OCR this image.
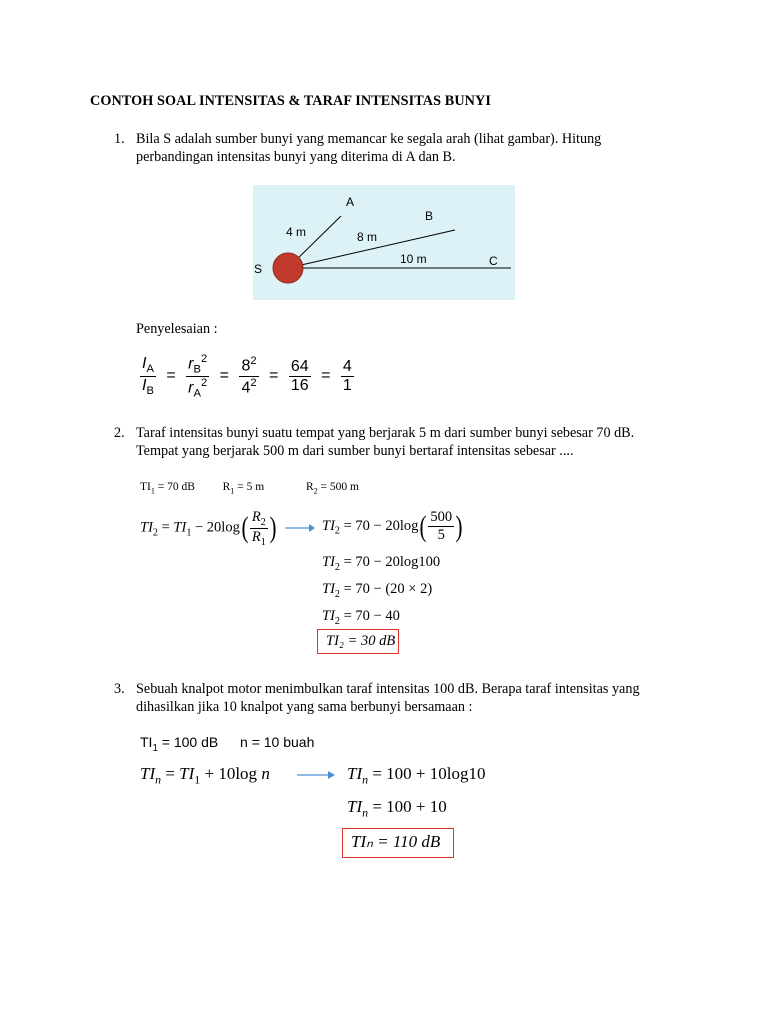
CONTOH SOAL INTENSITAS & TARAF INTENSITAS BUNYI
1. Bila S adalah sumber bunyi yang memancar ke segala arah (lihat gambar). Hitung
perbandingan intensitas bunyi yang diterima di A dan B.
A
B
C
S
4 m	8 m
10 m
Penyelesaian :
$\frac{I_A}{I_B} = \frac{r_B^2}{r_A^2} = \frac{8^2}{4^2} = \frac{64}{16} = \frac{4}{1}$
2. Taraf intensitas bunyi suatu tempat yang berjarak 5 m dari sumber bunyi sebesar 70 dB.
Tempat yang berjarak 500 m dari sumber bunyi bertaraf intensitas sebesar ....
$TI_1 = 70$ dB $R_1 = 5$ m	$R_2 = 500$ m
$TI_2 = TI_1 - 20\log( \frac{R_2}{R_1}$ )	$TI_2 = 70 - 20\log( \frac{500}{5}$ )
$TI_2 = 70 - 20\log 100$
$TI_2 = 70 - (20 \times 2)$
$TI_2 = 70 - 40$
TI₂ = 30 dB
3. Sebuah knalpot motor menimbulkan taraf intensitas 100 dB. Berapa taraf intensitas yang
dihasilkan jika 10 knalpot yang sama berbunyi bersamaan :
$TI_1 = 100$ dB n = 10 buah
$TI_n = TI_1 + 10\log$ n	$TI_n = 100 + 10\log 10$
$TI_n = 100 + 10$
TIₙ = 110 dB
